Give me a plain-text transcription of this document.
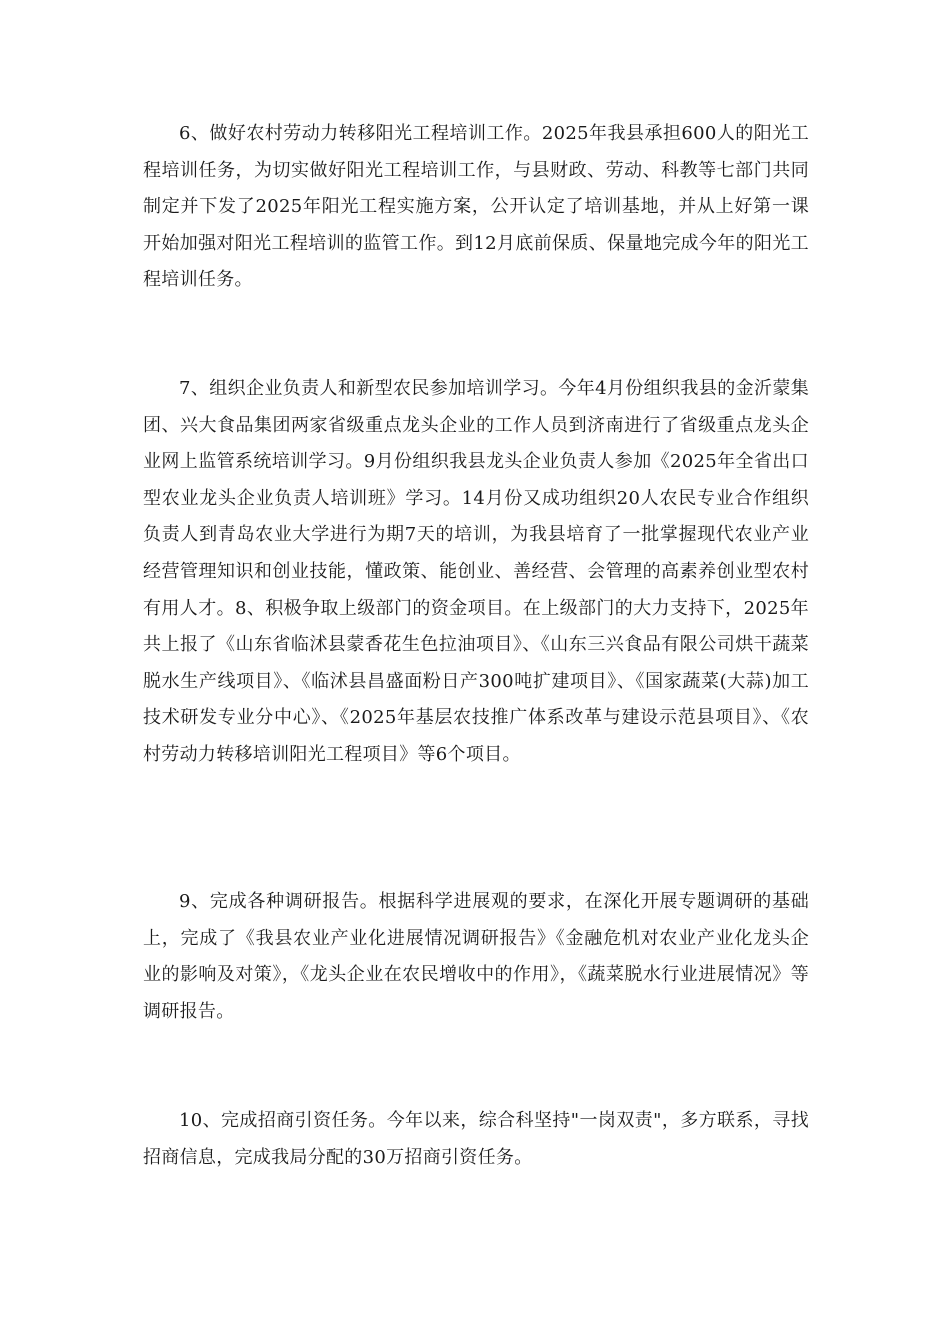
6、做好农村劳动力转移阳光工程培训工作。2025年我县承担600人的阳光工程培训任务，为切实做好阳光工程培训工作，与县财政、劳动、科教等七部门共同制定并下发了2025年阳光工程实施方案，公开认定了培训基地，并从上好第一课开始加强对阳光工程培训的监管工作。到12月底前保质、保量地完成今年的阳光工程培训任务。

7、组织企业负责人和新型农民参加培训学习。今年4月份组织我县的金沂蒙集团、兴大食品集团两家省级重点龙头企业的工作人员到济南进行了省级重点龙头企业网上监管系统培训学习。9月份组织我县龙头企业负责人参加《2025年全省出口型农业龙头企业负责人培训班》学习。14月份又成功组织20人农民专业合作组织负责人到青岛农业大学进行为期7天的培训，为我县培育了一批掌握现代农业产业经营管理知识和创业技能，懂政策、能创业、善经营、会管理的高素养创业型农村有用人才。8、积极争取上级部门的资金项目。在上级部门的大力支持下，2025年共上报了《山东省临沭县蒙香花生色拉油项目》、《山东三兴食品有限公司烘干蔬菜脱水生产线项目》、《临沭县昌盛面粉日产300吨扩建项目》、《国家蔬菜(大蒜)加工技术研发专业分中心》、《2025年基层农技推广体系改革与建设示范县项目》、《农村劳动力转移培训阳光工程项目》等6个项目。

9、完成各种调研报告。根据科学进展观的要求，在深化开展专题调研的基础上，完成了《我县农业产业化进展情况调研报告》《金融危机对农业产业化龙头企业的影响及对策》，《龙头企业在农民增收中的作用》，《蔬菜脱水行业进展情况》等调研报告。

10、完成招商引资任务。今年以来，综合科坚持"一岗双责"，多方联系，寻找招商信息，完成我局分配的30万招商引资任务。
